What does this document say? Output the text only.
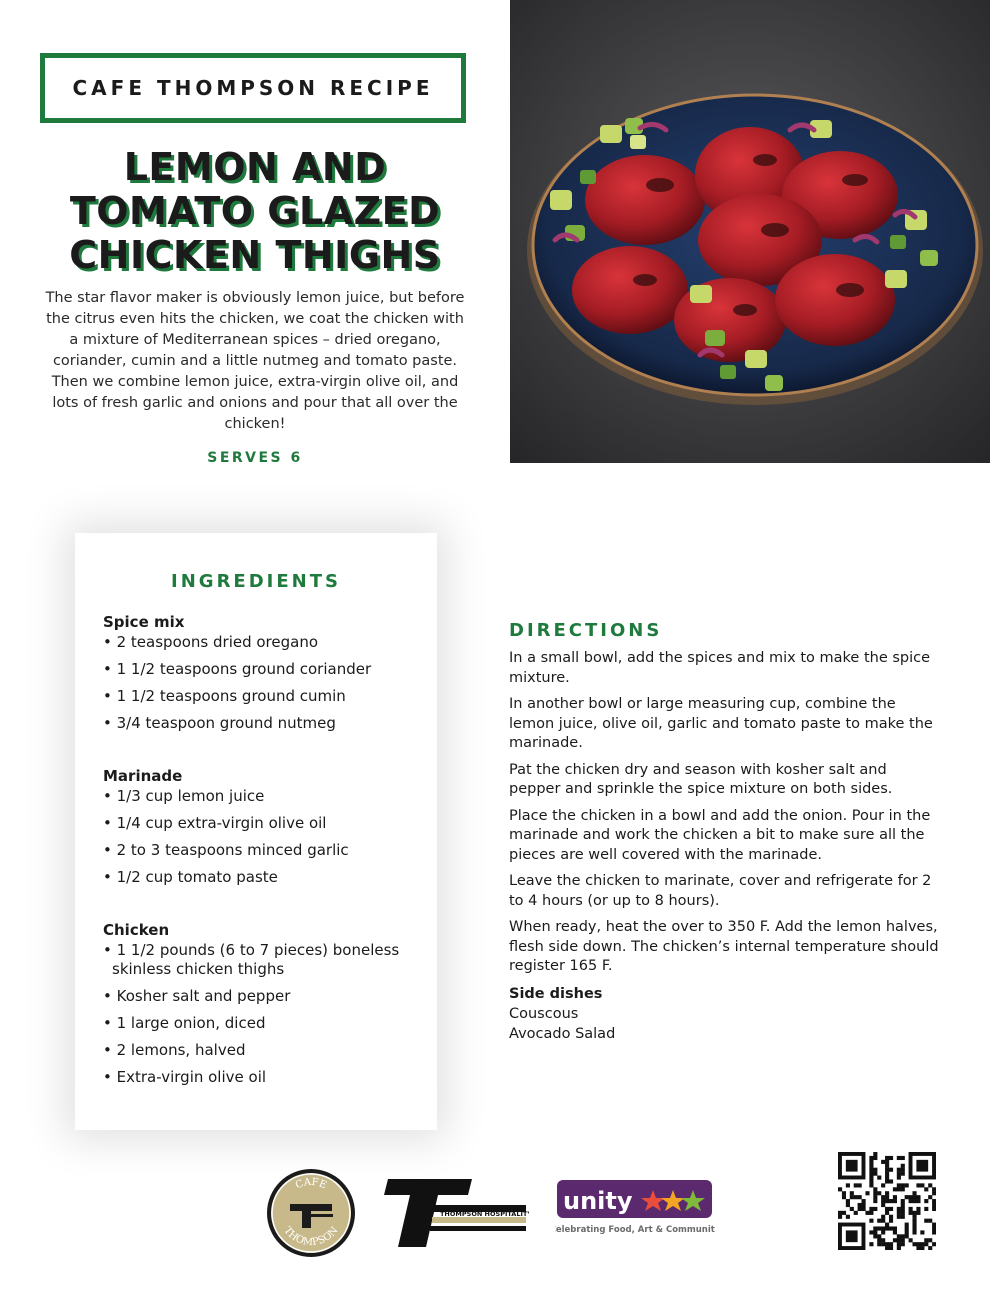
CAFE THOMPSON RECIPE
LEMON AND
TOMATO GLAZED
CHICKEN THIGHS

The star flavor maker is obviously lemon juice, but before the citrus even hits the chicken, we coat the chicken with a mixture of Mediterranean spices – dried oregano, coriander, cumin and a little nutmeg and tomato paste. Then we combine lemon juice, extra-virgin olive oil, and lots of fresh garlic and onions and pour that all over the chicken!

SERVES 6
INGREDIENTS
Spice mix
• 2 teaspoons dried oregano
• 1 1/2 teaspoons ground coriander
• 1 1/2 teaspoons ground cumin
• 3/4 teaspoon ground nutmeg
Marinade
• 1/3 cup lemon juice
• 1/4 cup extra-virgin olive oil
• 2 to 3 teaspoons minced garlic
• 1/2 cup tomato paste
Chicken
• 1 1/2 pounds (6 to 7 pieces) boneless skinless chicken thighs
• Kosher salt and pepper
• 1 large onion, diced
• 2 lemons, halved
• Extra-virgin olive oil
DIRECTIONS
In a small bowl, add the spices and mix to make the spice mixture.
In another bowl or large measuring cup, combine the lemon juice, olive oil, garlic and tomato paste to make the marinade.
Pat the chicken dry and season with kosher salt and pepper and sprinkle the spice mixture on both sides.
Place the chicken in a bowl and add the onion. Pour in the marinade and work the chicken a bit to make sure all the pieces are well covered with the marinade.
Leave the chicken to marinate, cover and refrigerate for 2 to 4 hours (or up to 8 hours).
When ready, heat the over to 350 F. Add the lemon halves, flesh side down. The chicken’s internal temperature should register 165 F.
Side dishes
Couscous
Avocado Salad
CAFE
THOMPSON
THOMPSON HOSPITALITY unity
Celebrating Food, Art & Community
